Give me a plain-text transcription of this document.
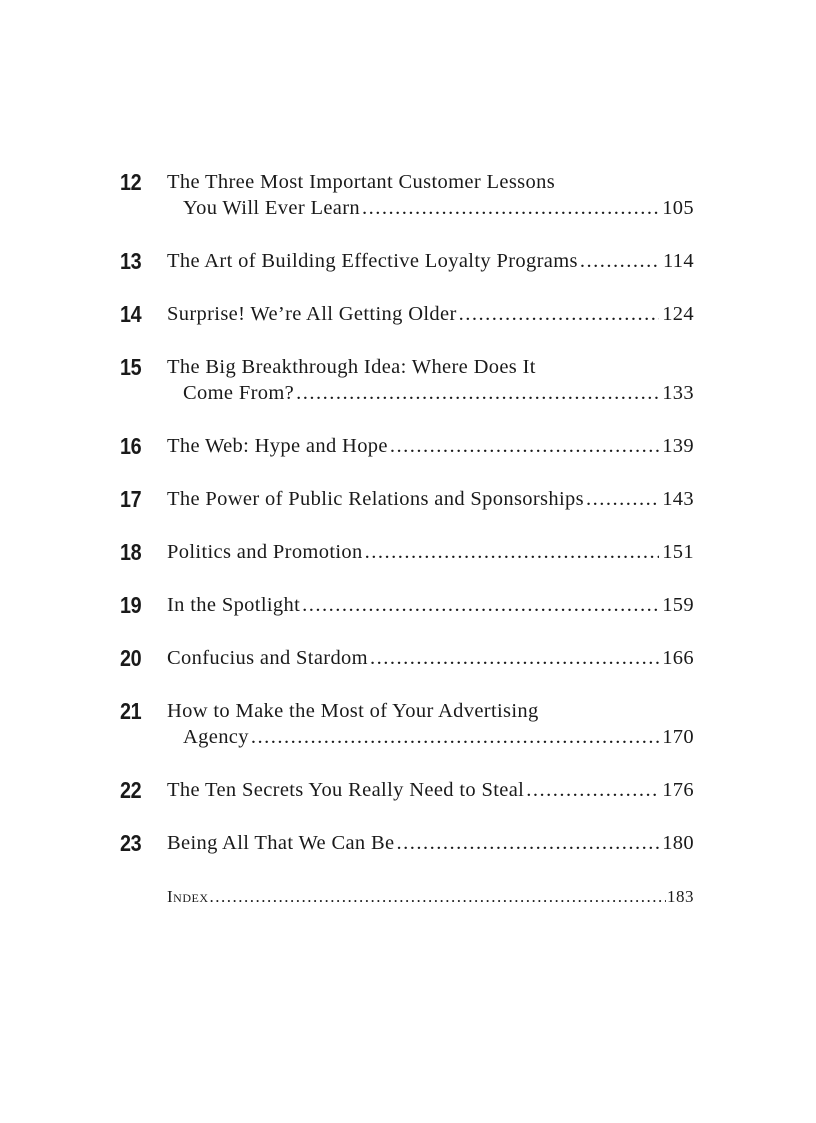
12 The Three Most Important Customer Lessons
You Will Ever Learn .....	105
13 The Art of Building Effective Loyalty Programs .....	114
14 Surprise! We’re All Getting Older .....	124
15 The Big Breakthrough Idea: Where Does It
Come From? .....	133
16 The Web: Hype and Hope .....	139
17 The Power of Public Relations and Sponsorships .....	143
18 Politics and Promotion .....	151
19 In the Spotlight .....	159
20 Confucius and Stardom .....	166
21 How to Make the Most of Your Advertising
Agency .....	170
22 The Ten Secrets You Really Need to Steal .....	176
23 Being All That We Can Be .....	180
Index .....	183
